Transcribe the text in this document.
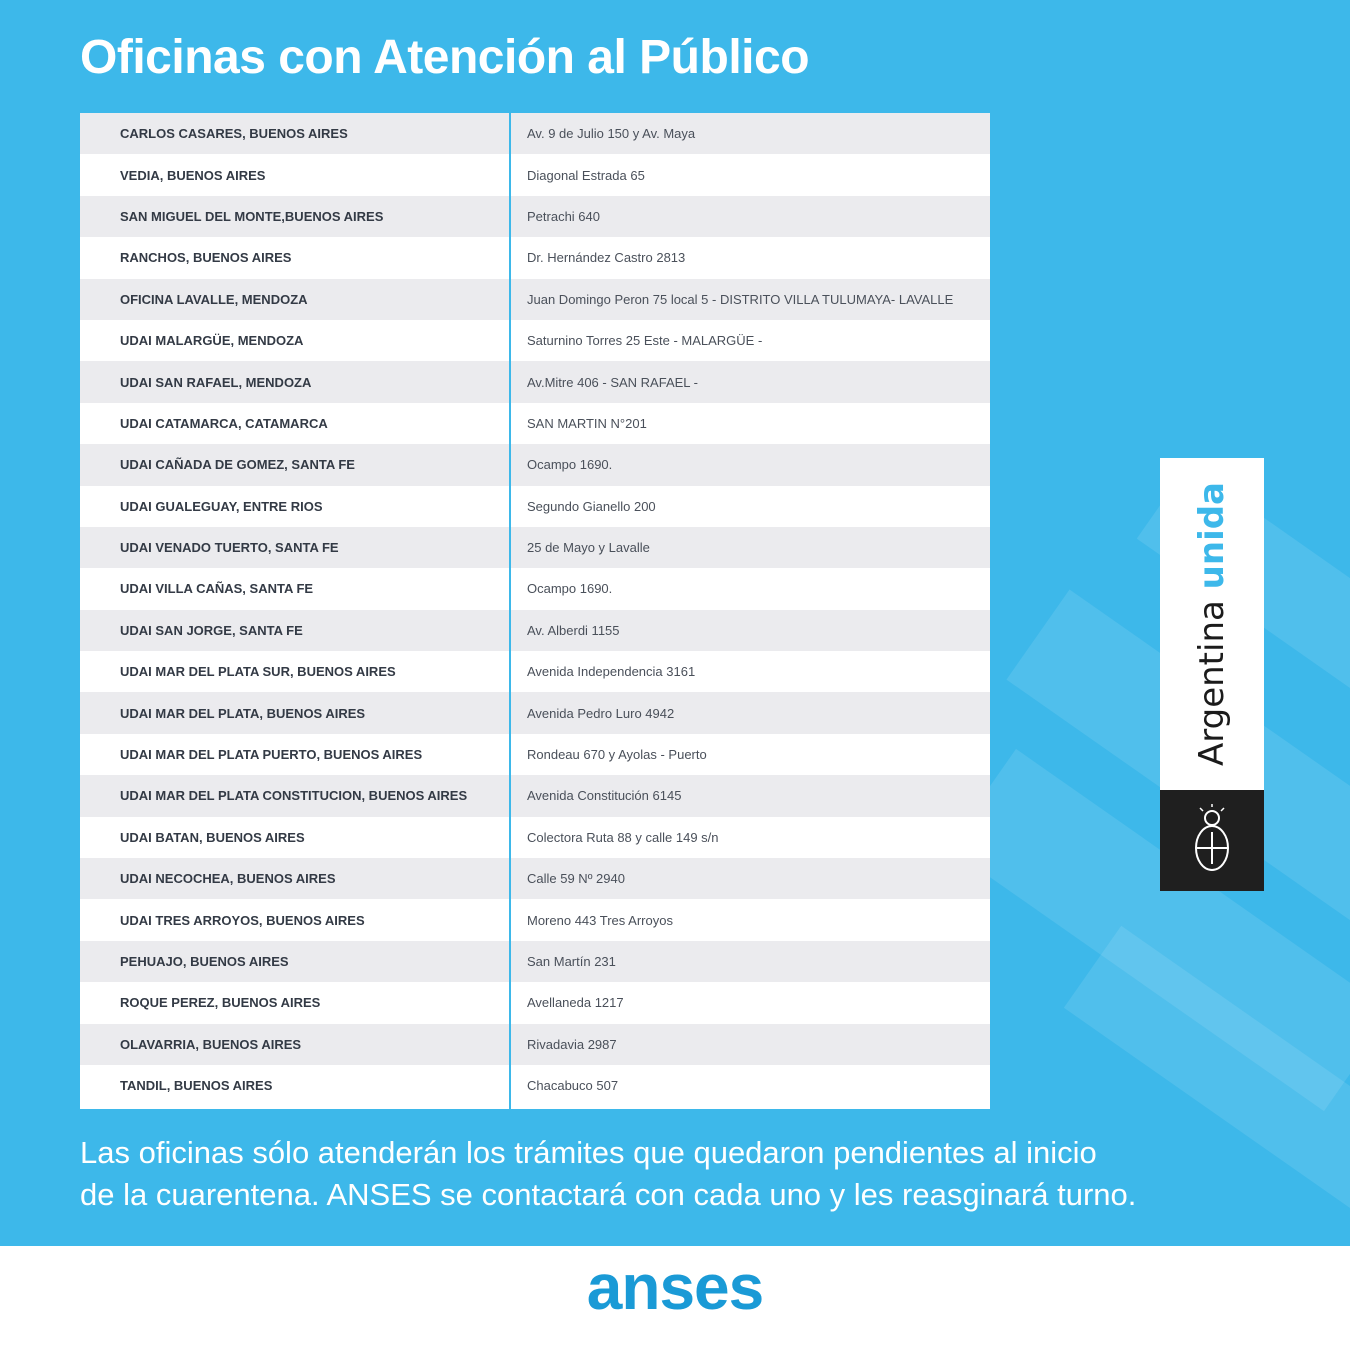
Oficinas con Atención al Público
CARLOS CASARES, BUENOS AIRES	Av. 9 de Julio 150 y Av. Maya
VEDIA, BUENOS AIRES	Diagonal Estrada 65
SAN MIGUEL DEL MONTE,BUENOS AIRES	Petrachi 640
RANCHOS, BUENOS AIRES	Dr. Hernández Castro 2813
OFICINA LAVALLE, MENDOZA	Juan Domingo Peron 75 local 5 - DISTRITO VILLA TULUMAYA- LAVALLE
UDAI MALARGÜE, MENDOZA	Saturnino Torres 25 Este - MALARGÜE -
UDAI SAN RAFAEL, MENDOZA	Av.Mitre 406 - SAN RAFAEL -
UDAI CATAMARCA, CATAMARCA	SAN MARTIN N°201
UDAI CAÑADA DE GOMEZ, SANTA FE	Ocampo 1690.
UDAI GUALEGUAY, ENTRE RIOS	Segundo Gianello 200
UDAI VENADO TUERTO, SANTA FE	25 de Mayo y Lavalle
UDAI VILLA CAÑAS, SANTA FE	Ocampo 1690.
UDAI SAN JORGE, SANTA FE	Av. Alberdi 1155
UDAI MAR DEL PLATA SUR, BUENOS AIRES	Avenida Independencia 3161
UDAI MAR DEL PLATA, BUENOS AIRES	Avenida Pedro Luro 4942
UDAI MAR DEL PLATA PUERTO, BUENOS AIRES	Rondeau 670 y Ayolas - Puerto
UDAI MAR DEL PLATA CONSTITUCION, BUENOS AIRES	Avenida Constitución 6145
UDAI BATAN, BUENOS AIRES	Colectora Ruta 88 y calle 149 s/n
UDAI NECOCHEA, BUENOS AIRES	Calle 59 Nº 2940
UDAI TRES ARROYOS, BUENOS AIRES	Moreno 443 Tres Arroyos
PEHUAJO, BUENOS AIRES	San Martín 231
ROQUE PEREZ, BUENOS AIRES	Avellaneda 1217
OLAVARRIA, BUENOS AIRES	Rivadavia 2987
TANDIL, BUENOS AIRES	Chacabuco 507

Las oficinas sólo atenderán los trámites que quedaron pendientes al inicio
de la cuarentena. ANSES se contactará con cada uno y les reasginará turno.

Argentina unida
anses
